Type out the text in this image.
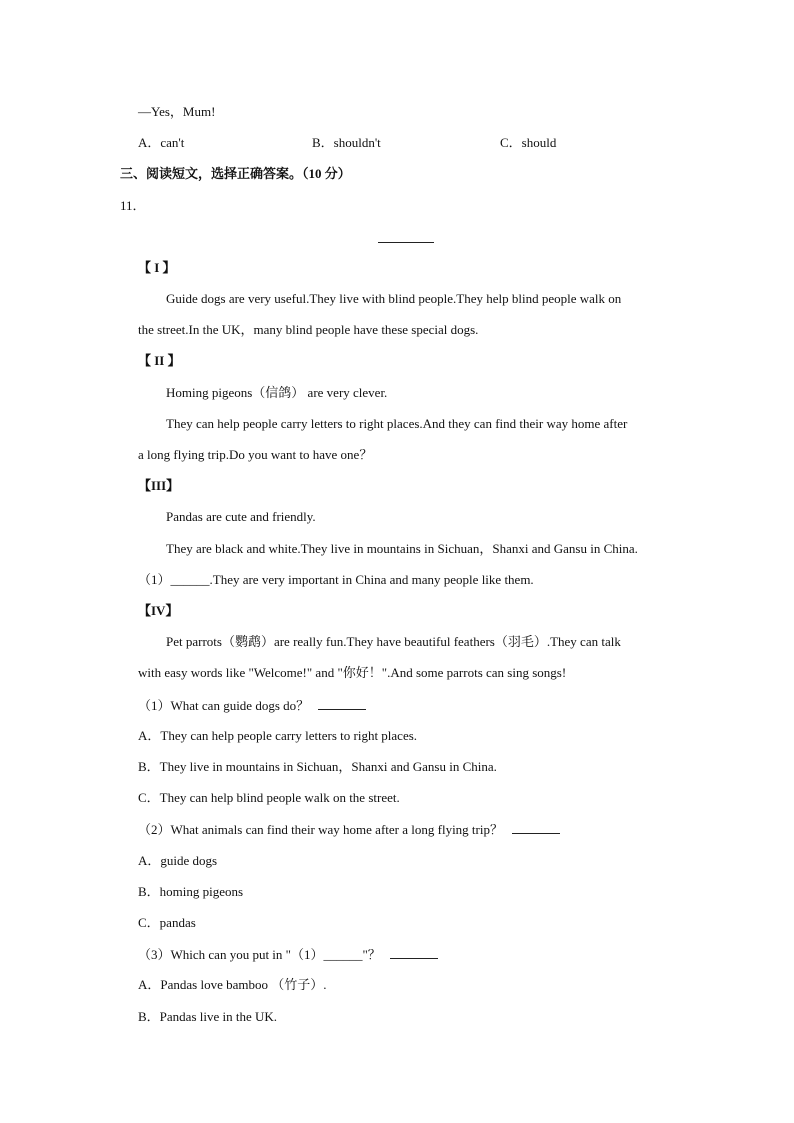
—Yes，Mum!
A．can't	B．shouldn't	C．should
三、阅读短文，选择正确答案。（10 分）
11．
【 I 】
Guide dogs are very useful.They live with blind people.They help blind people walk on
the street.In the UK，many blind people have these special dogs.
【 II 】
Homing pigeons（信鸽） are very clever.
They can help people carry letters to right places.And they can find their way home after
a long flying trip.Do you want to have one？
【III】
Pandas are cute and friendly.
They are black and white.They live in mountains in Sichuan，Shanxi and Gansu in China.
（1）______.They are very important in China and many people like them.
【IV】
Pet parrots（鹦鹉）are really fun.They have beautiful feathers（羽毛）.They can talk
with easy words like "Welcome!" and "你好！".And some parrots can sing songs!
（1）What can guide dogs do？
A．They can help people carry letters to right places.
B．They live in mountains in Sichuan，Shanxi and Gansu in China.
C．They can help blind people walk on the street.
（2）What animals can find their way home after a long flying trip？
A．guide dogs
B．homing pigeons
C．pandas
（3）Which can you put in "（1）______"？
A．Pandas love bamboo （竹子）.
B．Pandas live in the UK.
